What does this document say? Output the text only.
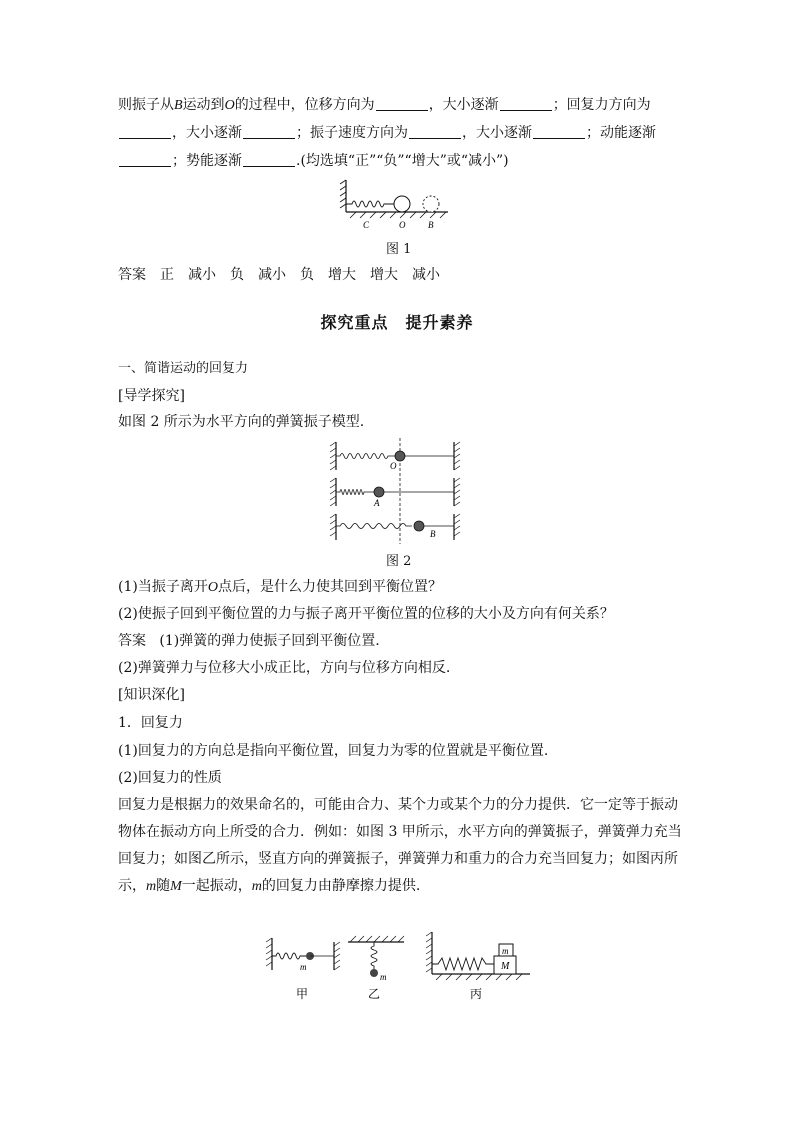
则振子从B运动到O的过程中，位移方向为	，大小逐渐	；回复力方向为
，大小逐渐	；振子速度方向为	，大小逐渐	；动能逐渐
；势能逐渐	.(均选填“正”“负”“增大”或“减小”)
C	O	B
图 1
答案 正 减小 负 减小 负 增大 增大 减小
探究重点　提升素养
一、简谐运动的回复力
[导学探究]
如图 2 所示为水平方向的弹簧振子模型.
O
A
B
图 2
(1)当振子离开O点后，是什么力使其回到平衡位置？
(2)使振子回到平衡位置的力与振子离开平衡位置的位移的大小及方向有何关系？
答案 (1)弹簧的弹力使振子回到平衡位置.
(2)弹簧弹力与位移大小成正比，方向与位移方向相反.
[知识深化]
1．回复力
(1)回复力的方向总是指向平衡位置，回复力为零的位置就是平衡位置.
(2)回复力的性质
回复力是根据力的效果命名的，可能由合力、某个力或某个力的分力提供．它一定等于振动
物体在振动方向上所受的合力．例如：如图 3 甲所示，水平方向的弹簧振子，弹簧弹力充当
回复力；如图乙所示，竖直方向的弹簧振子，弹簧弹力和重力的合力充当回复力；如图丙所
示，m随M一起振动，m的回复力由静摩擦力提供.
m
甲
m
乙
m
M
丙
